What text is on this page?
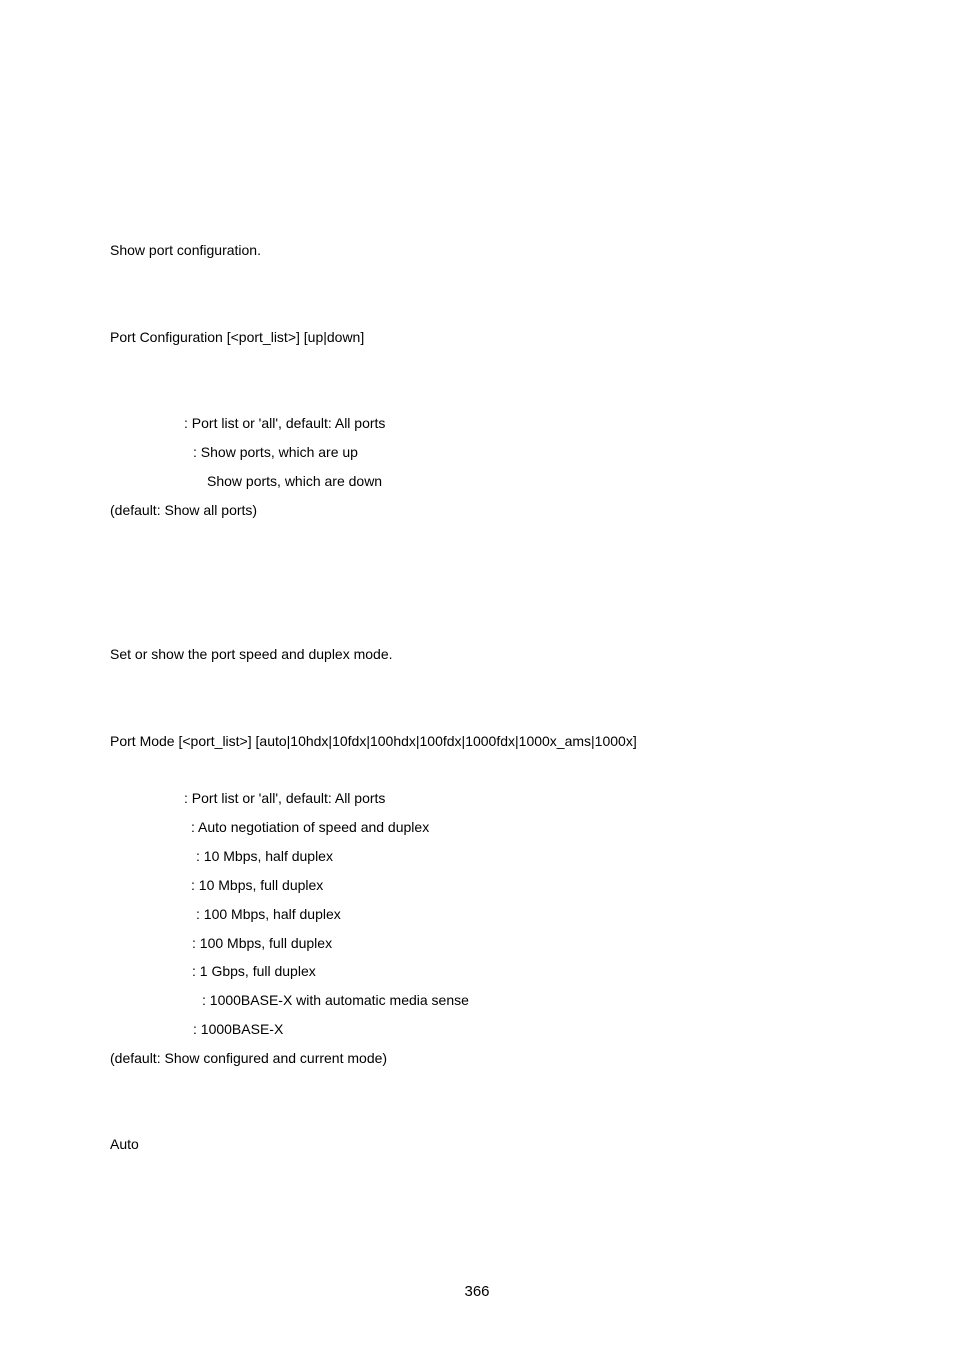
Show port configuration.
Port Configuration [<port_list>] [up|down]
: Port list or 'all', default: All ports
: Show ports, which are up
Show ports, which are down
(default: Show all ports)
Set or show the port speed and duplex mode.
Port Mode [<port_list>] [auto|10hdx|10fdx|100hdx|100fdx|1000fdx|1000x_ams|1000x]
: Port list or 'all', default: All ports
: Auto negotiation of speed and duplex
: 10 Mbps, half duplex
: 10 Mbps, full duplex
: 100 Mbps, half duplex
: 100 Mbps, full duplex
: 1 Gbps, full duplex
: 1000BASE-X with automatic media sense
: 1000BASE-X
(default: Show configured and current mode)
Auto
366
